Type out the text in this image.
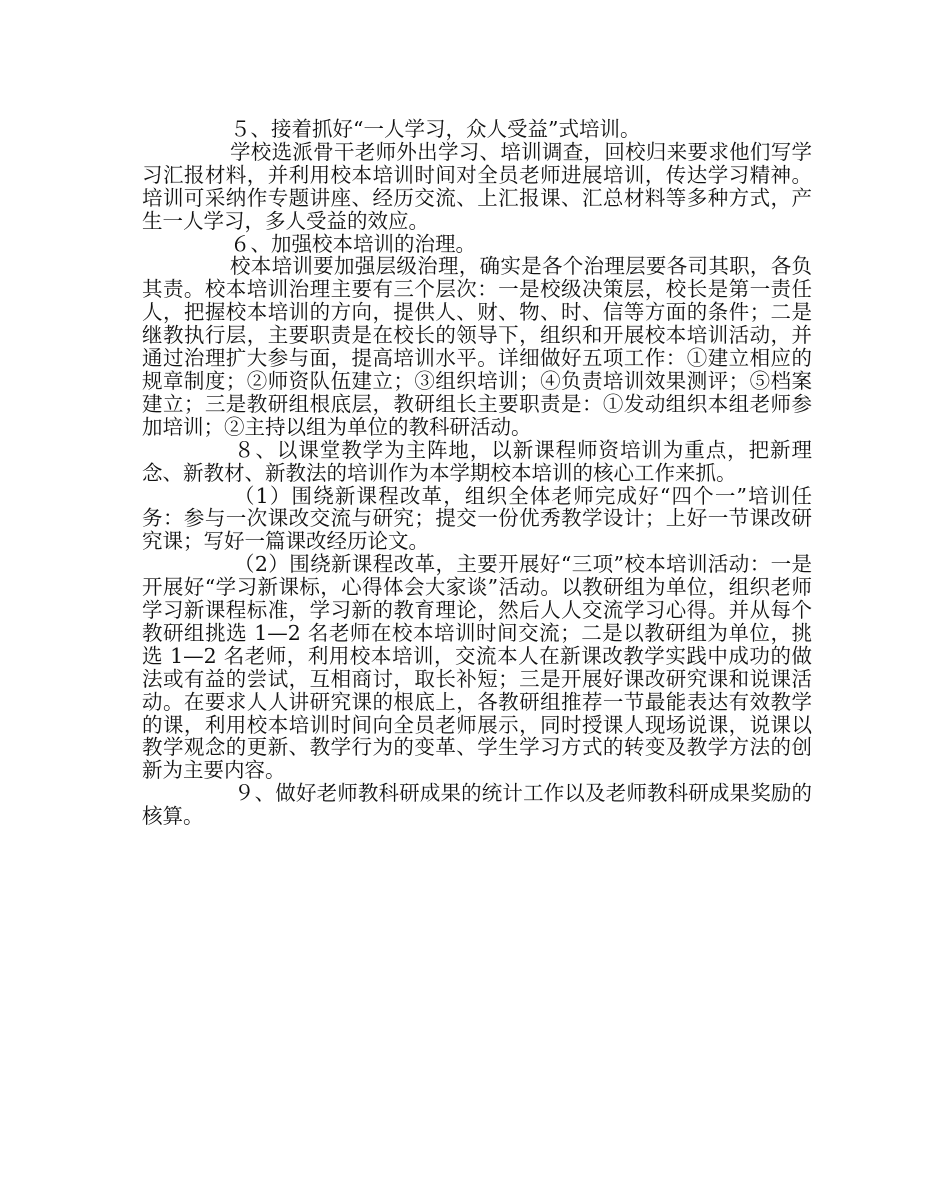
５、接着抓好“一人学习，众人受益”式培训。

学校选派骨干老师外出学习、培训调查，回校归来要求他们写学习汇报材料，并利用校本培训时间对全员老师进展培训，传达学习精神。培训可采纳作专题讲座、经历交流、上汇报课、汇总材料等多种方式，产生一人学习，多人受益的效应。

６、加强校本培训的治理。

校本培训要加强层级治理，确实是各个治理层要各司其职，各负其责。校本培训治理主要有三个层次：一是校级决策层，校长是第一责任人，把握校本培训的方向，提供人、财、物、时、信等方面的条件；二是继教执行层，主要职责是在校长的领导下，组织和开展校本培训活动，并通过治理扩大参与面，提高培训水平。详细做好五项工作：①建立相应的规章制度；②师资队伍建立；③组织培训；④负责培训效果测评；⑤档案建立；三是教研组根底层，教研组长主要职责是：①发动组织本组老师参加培训；②主持以组为单位的教科研活动。

８、以课堂教学为主阵地，以新课程师资培训为重点，把新理念、新教材、新教法的培训作为本学期校本培训的核心工作来抓。

（1）围绕新课程改革，组织全体老师完成好“四个一”培训任务：参与一次课改交流与研究；提交一份优秀教学设计；上好一节课改研究课；写好一篇课改经历论文。

（2）围绕新课程改革，主要开展好“三项”校本培训活动：一是开展好“学习新课标，心得体会大家谈”活动。以教研组为单位，组织老师学习新课程标准，学习新的教育理论，然后人人交流学习心得。并从每个教研组挑选 1—2 名老师在校本培训时间交流；二是以教研组为单位，挑选 1—2 名老师，利用校本培训，交流本人在新课改教学实践中成功的做法或有益的尝试，互相商讨，取长补短；三是开展好课改研究课和说课活动。在要求人人讲研究课的根底上，各教研组推荐一节最能表达有效教学的课，利用校本培训时间向全员老师展示，同时授课人现场说课，说课以教学观念的更新、教学行为的变革、学生学习方式的转变及教学方法的创新为主要内容。

９、做好老师教科研成果的统计工作以及老师教科研成果奖励的核算。
